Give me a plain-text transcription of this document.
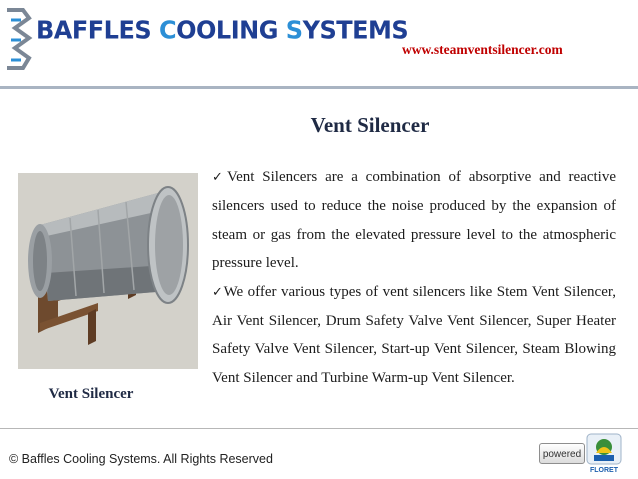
BAFFLES COOLING SYSTEMS
www.steamventsilencer.com
Vent Silencer
Vent Silencer

✓Vent Silencers are a combination of absorptive and reactive silencers used to reduce the noise produced by the expansion of steam or gas from the elevated pressure level to the atmospheric pressure level.

✓We offer various types of vent silencers like Stem Vent Silencer, Air Vent Silencer, Drum Safety Valve Vent Silencer, Super Heater Safety Valve Vent Silencer, Start-up Vent Silencer, Steam Blowing Vent Silencer and Turbine Warm-up Vent Silencer.

© Baffles Cooling Systems. All Rights Reserved	powered
FLORET
